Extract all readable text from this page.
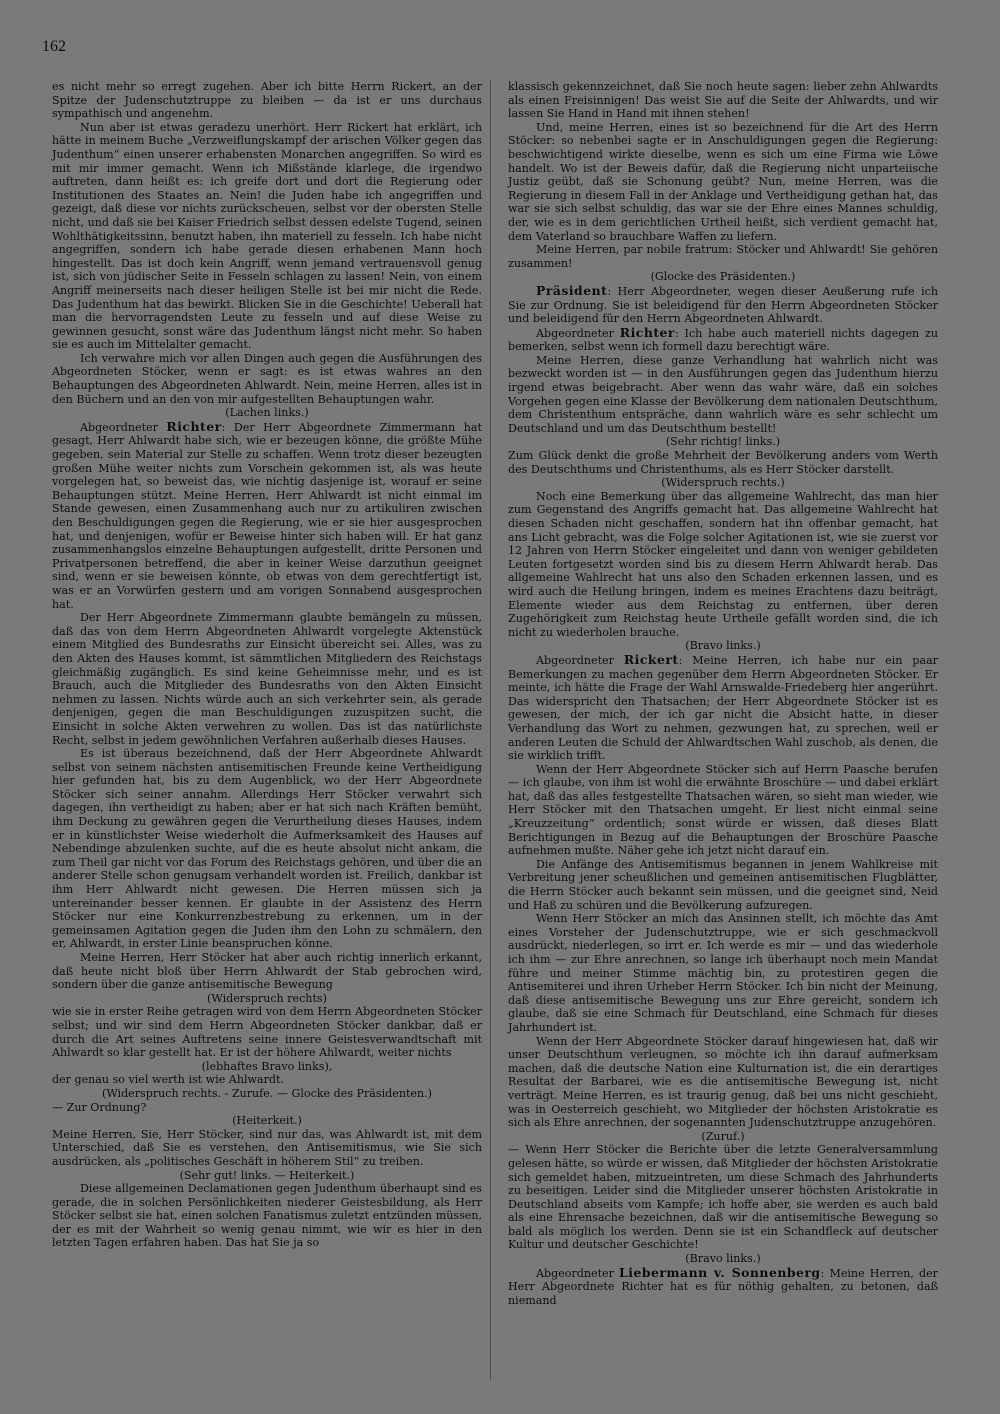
162

es nicht mehr so erregt zugehen. Aber ich bitte Herrn Rickert, an der Spitze der Judenschutztruppe zu bleiben — da ist er uns durchaus sympathisch und angenehm.

Nun aber ist etwas geradezu unerhört. Herr Rickert hat erklärt, ich hätte in meinem Buche „Verzweiflungskampf der arischen Völker gegen das Judenthum“ einen unserer erhabensten Monarchen angegriffen. So wird es mit mir immer gemacht. Wenn ich Mißstände klarlege, die irgendwo auftreten, dann heißt es: ich greife dort und dort die Regierung oder Institutionen des Staates an. Nein! die Juden habe ich angegriffen und gezeigt, daß diese vor nichts zurückscheuen, selbst vor der obersten Stelle nicht, und daß sie bei Kaiser Friedrich selbst dessen edelste Tugend, seinen Wohlthätigkeitssinn, benutzt haben, ihn materiell zu fesseln. Ich habe nicht angegriffen, sondern ich habe gerade diesen erhabenen Mann hoch hingestellt. Das ist doch kein Angriff, wenn jemand vertrauensvoll genug ist, sich von jüdischer Seite in Fesseln schlagen zu lassen! Nein, von einem Angriff meinerseits nach dieser heiligen Stelle ist bei mir nicht die Rede. Das Judenthum hat das bewirkt. Blicken Sie in die Geschichte! Ueberall hat man die hervorragendsten Leute zu fesseln und auf diese Weise zu gewinnen gesucht, sonst wäre das Judenthum längst nicht mehr. So haben sie es auch im Mittelalter gemacht.

Ich verwahre mich vor allen Dingen auch gegen die Ausführungen des Abgeordneten Stöcker, wenn er sagt: es ist etwas wahres an den Behauptungen des Abgeordneten Ahlwardt. Nein, meine Herren, alles ist in den Büchern und an den von mir aufgestellten Behauptungen wahr.

(Lachen links.)

Abgeordneter Richter: Der Herr Abgeordnete Zimmermann hat gesagt, Herr Ahlwardt habe sich, wie er bezeugen könne, die größte Mühe gegeben, sein Material zur Stelle zu schaffen. Wenn trotz dieser bezeugten großen Mühe weiter nichts zum Vorschein gekommen ist, als was heute vorgelegen hat, so beweist das, wie nichtig dasjenige ist, worauf er seine Behauptungen stützt. Meine Herren, Herr Ahlwardt ist nicht einmal im Stande gewesen, einen Zusammenhang auch nur zu artikuliren zwischen den Beschuldigungen gegen die Regierung, wie er sie hier ausgesprochen hat, und denjenigen, wofür er Beweise hinter sich haben will. Er hat ganz zusammenhangslos einzelne Behauptungen aufgestellt, dritte Personen und Privatpersonen betreffend, die aber in keiner Weise darzuthun geeignet sind, wenn er sie beweisen könnte, ob etwas von dem gerechtfertigt ist, was er an Vorwürfen gestern und am vorigen Sonnabend ausgesprochen hat.

Der Herr Abgeordnete Zimmermann glaubte bemängeln zu müssen, daß das von dem Herrn Abgeordneten Ahlwardt vorgelegte Aktenstück einem Mitglied des Bundesraths zur Einsicht übereicht sei. Alles, was zu den Akten des Hauses kommt, ist sämmtlichen Mitgliedern des Reichstags gleichmäßig zugänglich. Es sind keine Geheimnisse mehr, und es ist Brauch, auch die Mitglieder des Bundesraths von den Akten Einsicht nehmen zu lassen. Nichts würde auch an sich verkehrter sein, als gerade denjenigen, gegen die man Beschuldigungen zuzuspitzen sucht, die Einsicht in solche Akten verwehren zu wollen. Das ist das natürlichste Recht, selbst in jedem gewöhnlichen Verfahren außerhalb dieses Hauses.

Es ist überaus bezeichnend, daß der Herr Abgeordnete Ahlwardt selbst von seinem nächsten antisemitischen Freunde keine Vertheidigung hier gefunden hat, bis zu dem Augenblick, wo der Herr Abgeordnete Stöcker sich seiner annahm. Allerdings Herr Stöcker verwahrt sich dagegen, ihn vertheidigt zu haben; aber er hat sich nach Kräften bemüht, ihm Deckung zu gewähren gegen die Verurtheilung dieses Hauses, indem er in künstlichster Weise wiederholt die Aufmerksamkeit des Hauses auf Nebendinge abzulenken suchte, auf die es heute absolut nicht ankam, die zum Theil gar nicht vor das Forum des Reichstags gehören, und über die an anderer Stelle schon genugsam verhandelt worden ist. Freilich, dankbar ist ihm Herr Ahlwardt nicht gewesen. Die Herren müssen sich ja untereinander besser kennen. Er glaubte in der Assistenz des Herrn Stöcker nur eine Konkurrenzbestrebung zu erkennen, um in der gemeinsamen Agitation gegen die Juden ihm den Lohn zu schmälern, den er, Ahlwardt, in erster Linie beanspruchen könne.

Meine Herren, Herr Stöcker hat aber auch richtig innerlich erkannt, daß heute nicht bloß über Herrn Ahlwardt der Stab gebrochen wird, sondern über die ganze antisemitische Bewegung

(Widerspruch rechts)

wie sie in erster Reihe getragen wird von dem Herrn Abgeordneten Stöcker selbst; und wir sind dem Herrn Abgeordneten Stöcker dankbar, daß er durch die Art seines Auftretens seine innere Geistesverwandtschaft mit Ahlwardt so klar gestellt hat. Er ist der höhere Ahlwardt, weiter nichts

(lebhaftes Bravo links),

der genau so viel werth ist wie Ahlwardt.

(Widerspruch rechts. - Zurufe. — Glocke des Präsidenten.)

— Zur Ordnung?

(Heiterkeit.)

Meine Herren, Sie, Herr Stöcker, sind nur das, was Ahlwardt ist, mit dem Unterschied, daß Sie es verstehen, den Antisemitismus, wie Sie sich ausdrücken, als „politisches Geschäft in höherem Stil“ zu treiben.

(Sehr gut! links. — Heiterkeit.)

Diese allgemeinen Declamationen gegen Judenthum überhaupt sind es gerade, die in solchen Persönlichkeiten niederer Geistesbildung, als Herr Stöcker selbst sie hat, einen solchen Fanatismus zuletzt entzünden müssen, der es mit der Wahrheit so wenig genau nimmt, wie wir es hier in den letzten Tagen erfahren haben. Das hat Sie ja so

klassisch gekennzeichnet, daß Sie noch heute sagen: lieber zehn Ahlwardts als einen Freisinnigen! Das weist Sie auf die Seite der Ahlwardts, und wir lassen Sie Hand in Hand mit ihnen stehen!

Und, meine Herren, eines ist so bezeichnend für die Art des Herrn Stöcker: so nebenbei sagte er in Anschuldigungen gegen die Regierung: beschwichtigend wirkte dieselbe, wenn es sich um eine Firma wie Löwe handelt. Wo ist der Beweis dafür, daß die Regierung nicht unparteiische Justiz geübt, daß sie Schonung geübt? Nun, meine Herren, was die Regierung in diesem Fall in der Anklage und Vertheidigung gethan hat, das war sie sich selbst schuldig, das war sie der Ehre eines Mannes schuldig, der, wie es in dem gerichtlichen Urtheil heißt, sich verdient gemacht hat, dem Vaterland so brauchbare Waffen zu liefern.

Meine Herren, par nobile fratrum: Stöcker und Ahlwardt! Sie gehören zusammen!

(Glocke des Präsidenten.)

Präsident: Herr Abgeordneter, wegen dieser Aeußerung rufe ich Sie zur Ordnung. Sie ist beleidigend für den Herrn Abgeordneten Stöcker und beleidigend für den Herrn Abgeordneten Ahlwardt.

Abgeordneter Richter: Ich habe auch materiell nichts dagegen zu bemerken, selbst wenn ich formell dazu berechtigt wäre.

Meine Herren, diese ganze Verhandlung hat wahrlich nicht was bezweckt worden ist — in den Ausführungen gegen das Judenthum hierzu irgend etwas beigebracht. Aber wenn das wahr wäre, daß ein solches Vorgehen gegen eine Klasse der Bevölkerung dem nationalen Deutschthum, dem Christenthum entspräche, dann wahrlich wäre es sehr schlecht um Deutschland und um das Deutschthum bestellt!

(Sehr richtig! links.)

Zum Glück denkt die große Mehrheit der Bevölkerung anders vom Werth des Deutschthums und Christenthums, als es Herr Stöcker darstellt.

(Widerspruch rechts.)

Noch eine Bemerkung über das allgemeine Wahlrecht, das man hier zum Gegenstand des Angriffs gemacht hat. Das allgemeine Wahlrecht hat diesen Schaden nicht geschaffen, sondern hat ihn offenbar gemacht, hat ans Licht gebracht, was die Folge solcher Agitationen ist, wie sie zuerst vor 12 Jahren von Herrn Stöcker eingeleitet und dann von weniger gebildeten Leuten fortgesetzt worden sind bis zu diesem Herrn Ahlwardt herab. Das allgemeine Wahlrecht hat uns also den Schaden erkennen lassen, und es wird auch die Heilung bringen, indem es meines Erachtens dazu beiträgt, Elemente wieder aus dem Reichstag zu entfernen, über deren Zugehörigkeit zum Reichstag heute Urtheile gefällt worden sind, die ich nicht zu wiederholen brauche.

(Bravo links.)

Abgeordneter Rickert: Meine Herren, ich habe nur ein paar Bemerkungen zu machen gegenüber dem Herrn Abgeordneten Stöcker. Er meinte, ich hätte die Frage der Wahl Arnswalde-Friedeberg hier angerührt. Das widerspricht den Thatsachen; der Herr Abgeordnete Stöcker ist es gewesen, der mich, der ich gar nicht die Absicht hatte, in dieser Verhandlung das Wort zu nehmen, gezwungen hat, zu sprechen, weil er anderen Leuten die Schuld der Ahlwardtschen Wahl zuschob, als denen, die sie wirklich trifft.

Wenn der Herr Abgeordnete Stöcker sich auf Herrn Paasche berufen — ich glaube, von ihm ist wohl die erwähnte Broschüre — und dabei erklärt hat, daß das alles festgestellte Thatsachen wären, so sieht man wieder, wie Herr Stöcker mit den Thatsachen umgeht. Er liest nicht einmal seine „Kreuzzeitung“ ordentlich; sonst würde er wissen, daß dieses Blatt Berichtigungen in Bezug auf die Behauptungen der Broschüre Paasche aufnehmen mußte. Näher gehe ich jetzt nicht darauf ein.

Die Anfänge des Antisemitismus begannen in jenem Wahlkreise mit Verbreitung jener scheußlichen und gemeinen antisemitischen Flugblätter, die Herrn Stöcker auch bekannt sein müssen, und die geeignet sind, Neid und Haß zu schüren und die Bevölkerung aufzuregen.

Wenn Herr Stöcker an mich das Ansinnen stellt, ich möchte das Amt eines Vorsteher der Judenschutztruppe, wie er sich geschmackvoll ausdrückt, niederlegen, so irrt er. Ich werde es mir — und das wiederhole ich ihm — zur Ehre anrechnen, so lange ich überhaupt noch mein Mandat führe und meiner Stimme mächtig bin, zu protestiren gegen die Antisemiterei und ihren Urheber Herrn Stöcker. Ich bin nicht der Meinung, daß diese antisemitische Bewegung uns zur Ehre gereicht, sondern ich glaube, daß sie eine Schmach für Deutschland, eine Schmach für dieses Jahrhundert ist.

Wenn der Herr Abgeordnete Stöcker darauf hingewiesen hat, daß wir unser Deutschthum verleugnen, so möchte ich ihn darauf aufmerksam machen, daß die deutsche Nation eine Kulturnation ist, die ein derartiges Resultat der Barbarei, wie es die antisemitische Bewegung ist, nicht verträgt. Meine Herren, es ist traurig genug, daß bei uns nicht geschieht, was in Oesterreich geschieht, wo Mitglieder der höchsten Aristokratie es sich als Ehre anrechnen, der sogenannten Judenschutztruppe anzugehören.

(Zuruf.)

— Wenn Herr Stöcker die Berichte über die letzte Generalversammlung gelesen hätte, so würde er wissen, daß Mitglieder der höchsten Aristokratie sich gemeldet haben, mitzueintreten, um diese Schmach des Jahrhunderts zu beseitigen. Leider sind die Mitglieder unserer höchsten Aristokratie in Deutschland abseits vom Kampfe; ich hoffe aber, sie werden es auch bald als eine Ehrensache bezeichnen, daß wir die antisemitische Bewegung so bald als möglich los werden. Denn sie ist ein Schandfleck auf deutscher Kultur und deutscher Geschichte!

(Bravo links.)

Abgeordneter Liebermann v. Sonnenberg: Meine Herren, der Herr Abgeordnete Richter hat es für nöthig gehalten, zu betonen, daß niemand
